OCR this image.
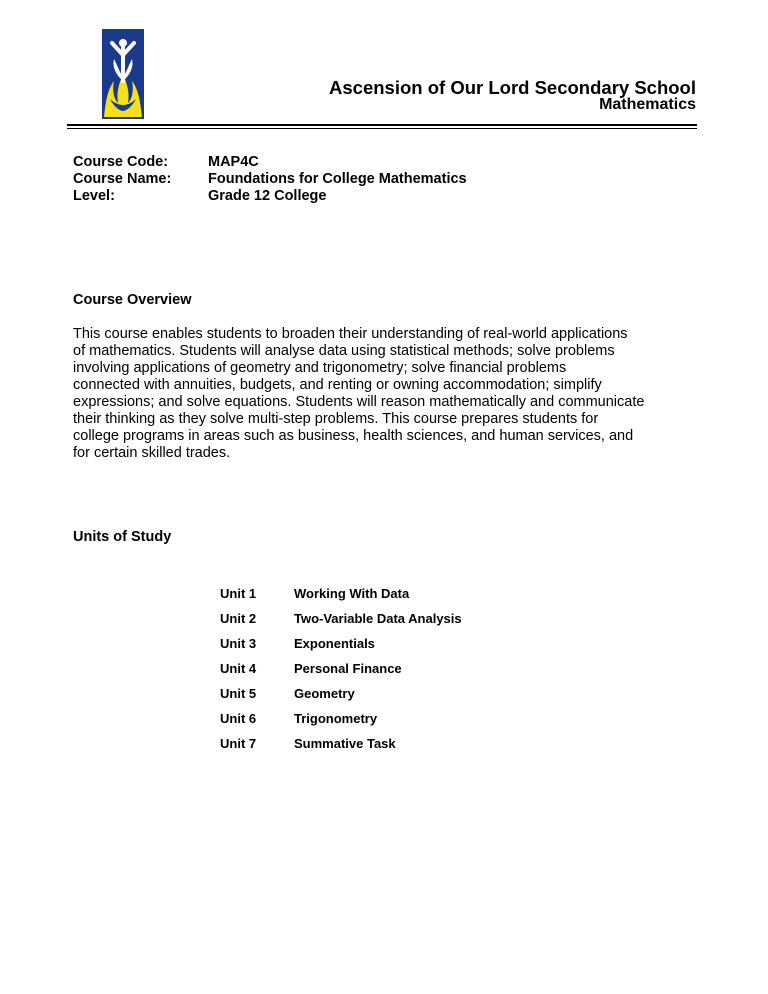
Ascension of Our Lord Secondary School
Mathematics
Course Code:	MAP4C
Course Name:	Foundations for College Mathematics
Level:	Grade 12 College
Course Overview
This course enables students to broaden their understanding of real-world applications
of mathematics. Students will analyse data using statistical methods; solve problems
involving applications of geometry and trigonometry; solve financial problems
connected with annuities, budgets, and renting or owning accommodation; simplify
expressions; and solve equations. Students will reason mathematically and communicate
their thinking as they solve multi-step problems. This course prepares students for
college programs in areas such as business, health sciences, and human services, and
for certain skilled trades.
Units of Study
Unit 1	Working With Data
Unit 2	Two-Variable Data Analysis
Unit 3	Exponentials
Unit 4	Personal Finance
Unit 5	Geometry
Unit 6	Trigonometry
Unit 7	Summative Task
